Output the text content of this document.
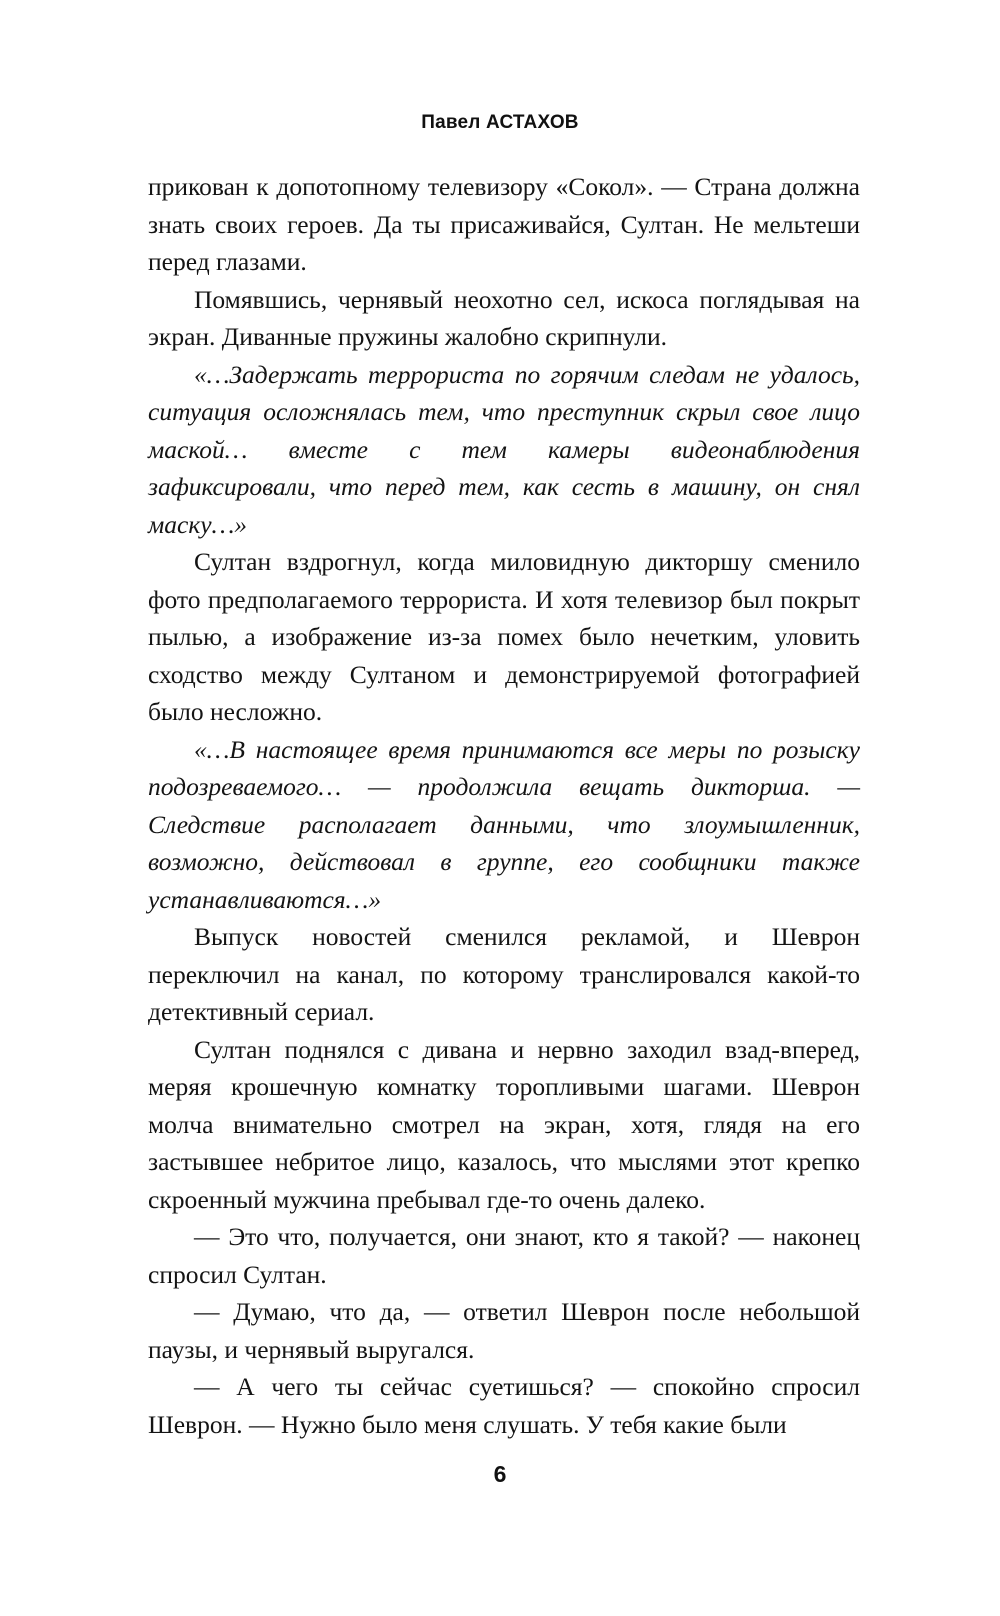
Павел АСТАХОВ

прикован к допотопному телевизору «Сокол». — Страна должна знать своих героев. Да ты присаживайся, Султан. Не мельтеши перед глазами.

Помявшись, чернявый неохотно сел, искоса поглядывая на экран. Диванные пружины жалобно скрипнули.

«…Задержать террориста по горячим следам не удалось, ситуация осложнялась тем, что преступник скрыл свое лицо маской… вместе с тем камеры видеонаблюдения зафиксировали, что перед тем, как сесть в машину, он снял маску…»

Султан вздрогнул, когда миловидную дикторшу сменило фото предполагаемого террориста. И хотя телевизор был покрыт пылью, а изображение из-за помех было нечетким, уловить сходство между Султаном и демонстрируемой фотографией было несложно.

«…В настоящее время принимаются все меры по розыску подозреваемого… — продолжила вещать дикторша. — Следствие располагает данными, что злоумышленник, возможно, действовал в группе, его сообщники также устанавливаются…»

Выпуск новостей сменился рекламой, и Шеврон переключил на канал, по которому транслировался какой-то детективный сериал.

Султан поднялся с дивана и нервно заходил взад-вперед, меряя крошечную комнатку торопливыми шагами. Шеврон молча внимательно смотрел на экран, хотя, глядя на его застывшее небритое лицо, казалось, что мыслями этот крепко скроенный мужчина пребывал где-то очень далеко.

— Это что, получается, они знают, кто я такой? — наконец спросил Султан.

— Думаю, что да, — ответил Шеврон после небольшой паузы, и чернявый выругался.

— А чего ты сейчас суетишься? — спокойно спросил Шеврон. — Нужно было меня слушать. У тебя какие были

6
